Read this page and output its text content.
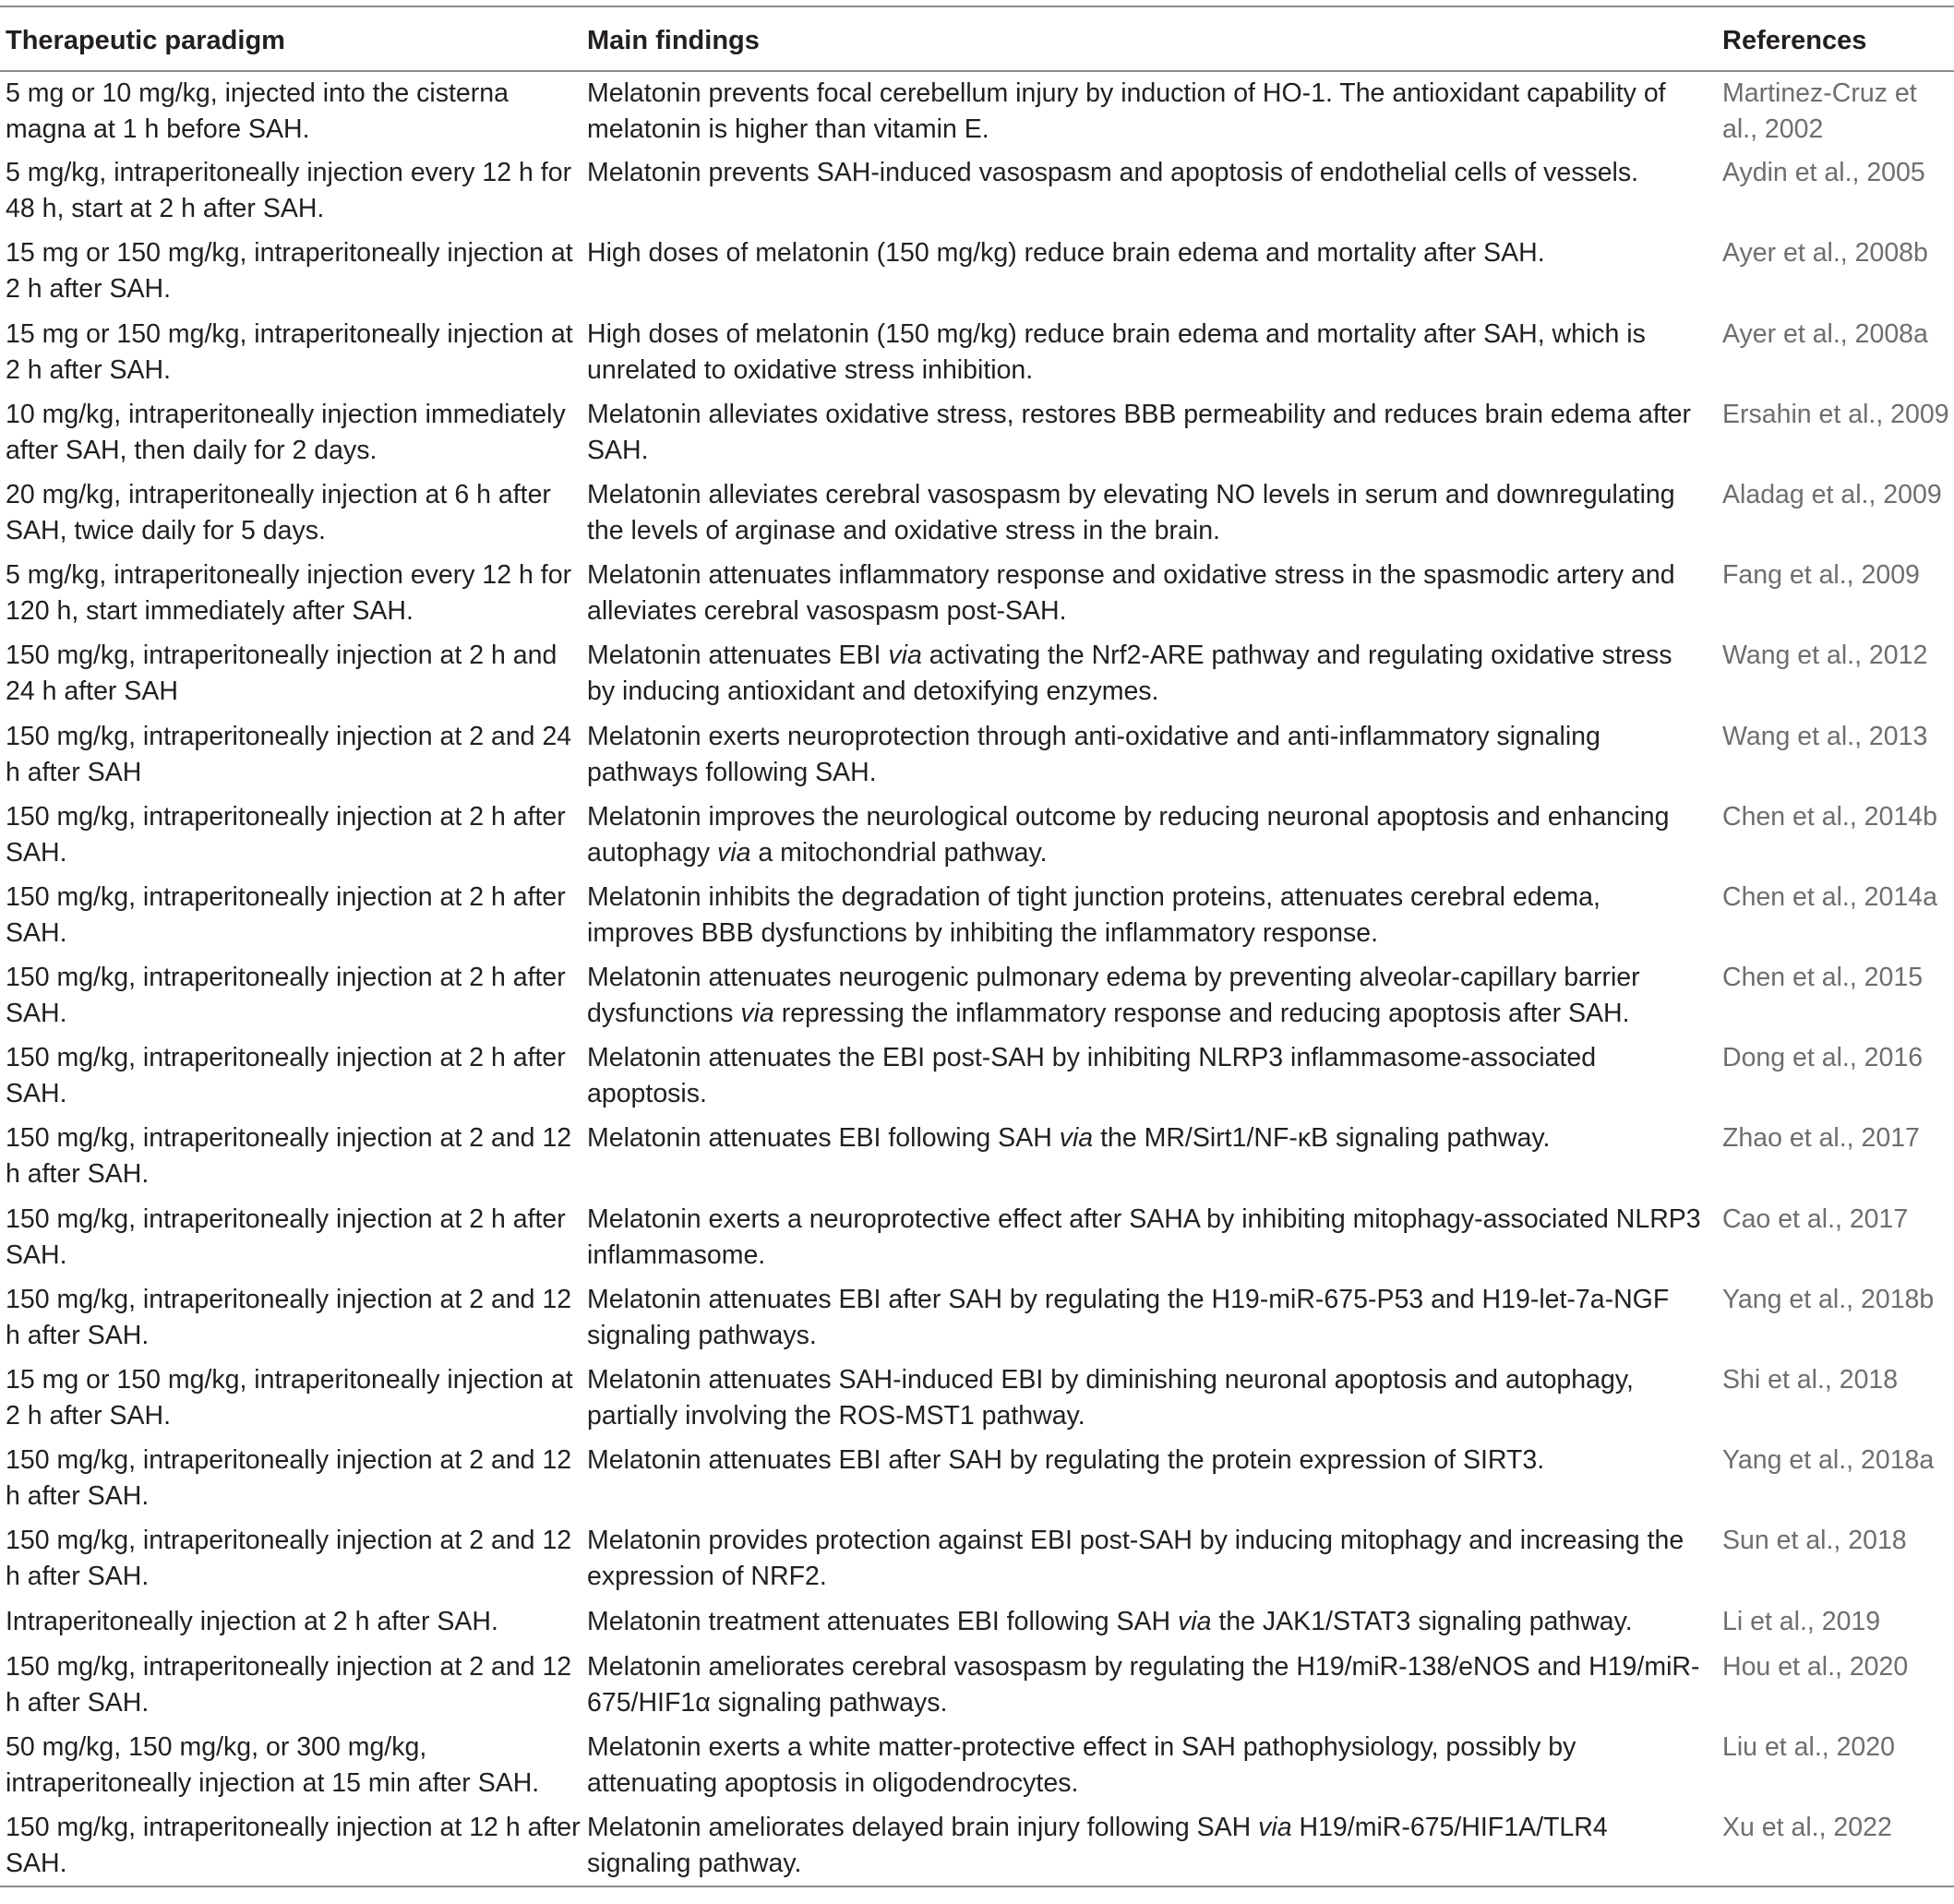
Therapeutic paradigm	Main findings	References
5 mg or 10 mg/kg, injected into the cisterna magna at 1 h before SAH.	Melatonin prevents focal cerebellum injury by induction of HO-1. The antioxidant capability of melatonin is higher than vitamin E.	Martinez-Cruz et al., 2002
5 mg/kg, intraperitoneally injection every 12 h for 48 h, start at 2 h after SAH.	Melatonin prevents SAH-induced vasospasm and apoptosis of endothelial cells of vessels.	Aydin et al., 2005
15 mg or 150 mg/kg, intraperitoneally injection at 2 h after SAH.	High doses of melatonin (150 mg/kg) reduce brain edema and mortality after SAH.	Ayer et al., 2008b
15 mg or 150 mg/kg, intraperitoneally injection at 2 h after SAH.	High doses of melatonin (150 mg/kg) reduce brain edema and mortality after SAH, which is unrelated to oxidative stress inhibition.	Ayer et al., 2008a
10 mg/kg, intraperitoneally injection immediately after SAH, then daily for 2 days.	Melatonin alleviates oxidative stress, restores BBB permeability and reduces brain edema after SAH.	Ersahin et al., 2009
20 mg/kg, intraperitoneally injection at 6 h after SAH, twice daily for 5 days.	Melatonin alleviates cerebral vasospasm by elevating NO levels in serum and downregulating the levels of arginase and oxidative stress in the brain.	Aladag et al., 2009
5 mg/kg, intraperitoneally injection every 12 h for 120 h, start immediately after SAH.	Melatonin attenuates inflammatory response and oxidative stress in the spasmodic artery and alleviates cerebral vasospasm post-SAH.	Fang et al., 2009
150 mg/kg, intraperitoneally injection at 2 h and 24 h after SAH	Melatonin attenuates EBI via activating the Nrf2-ARE pathway and regulating oxidative stress by inducing antioxidant and detoxifying enzymes.	Wang et al., 2012
150 mg/kg, intraperitoneally injection at 2 and 24 h after SAH	Melatonin exerts neuroprotection through anti-oxidative and anti-inflammatory signaling pathways following SAH.	Wang et al., 2013
150 mg/kg, intraperitoneally injection at 2 h after SAH.	Melatonin improves the neurological outcome by reducing neuronal apoptosis and enhancing autophagy via a mitochondrial pathway.	Chen et al., 2014b
150 mg/kg, intraperitoneally injection at 2 h after SAH.	Melatonin inhibits the degradation of tight junction proteins, attenuates cerebral edema, improves BBB dysfunctions by inhibiting the inflammatory response.	Chen et al., 2014a
150 mg/kg, intraperitoneally injection at 2 h after SAH.	Melatonin attenuates neurogenic pulmonary edema by preventing alveolar-capillary barrier dysfunctions via repressing the inflammatory response and reducing apoptosis after SAH.	Chen et al., 2015
150 mg/kg, intraperitoneally injection at 2 h after SAH.	Melatonin attenuates the EBI post-SAH by inhibiting NLRP3 inflammasome-associated apoptosis.	Dong et al., 2016
150 mg/kg, intraperitoneally injection at 2 and 12 h after SAH.	Melatonin attenuates EBI following SAH via the MR/Sirt1/NF-κB signaling pathway.	Zhao et al., 2017
150 mg/kg, intraperitoneally injection at 2 h after SAH.	Melatonin exerts a neuroprotective effect after SAHA by inhibiting mitophagy-associated NLRP3 inflammasome.	Cao et al., 2017
150 mg/kg, intraperitoneally injection at 2 and 12 h after SAH.	Melatonin attenuates EBI after SAH by regulating the H19-miR-675-P53 and H19-let-7a-NGF signaling pathways.	Yang et al., 2018b
15 mg or 150 mg/kg, intraperitoneally injection at 2 h after SAH.	Melatonin attenuates SAH-induced EBI by diminishing neuronal apoptosis and autophagy, partially involving the ROS-MST1 pathway.	Shi et al., 2018
150 mg/kg, intraperitoneally injection at 2 and 12 h after SAH.	Melatonin attenuates EBI after SAH by regulating the protein expression of SIRT3.	Yang et al., 2018a
150 mg/kg, intraperitoneally injection at 2 and 12 h after SAH.	Melatonin provides protection against EBI post-SAH by inducing mitophagy and increasing the expression of NRF2.	Sun et al., 2018
Intraperitoneally injection at 2 h after SAH.	Melatonin treatment attenuates EBI following SAH via the JAK1/STAT3 signaling pathway.	Li et al., 2019
150 mg/kg, intraperitoneally injection at 2 and 12 h after SAH.	Melatonin ameliorates cerebral vasospasm by regulating the H19/miR-138/eNOS and H19/miR-675/HIF1α signaling pathways.	Hou et al., 2020
50 mg/kg, 150 mg/kg, or 300 mg/kg, intraperitoneally injection at 15 min after SAH.	Melatonin exerts a white matter-protective effect in SAH pathophysiology, possibly by attenuating apoptosis in oligodendrocytes.	Liu et al., 2020
150 mg/kg, intraperitoneally injection at 12 h after SAH.	Melatonin ameliorates delayed brain injury following SAH via H19/miR-675/HIF1A/TLR4 signaling pathway.	Xu et al., 2022
